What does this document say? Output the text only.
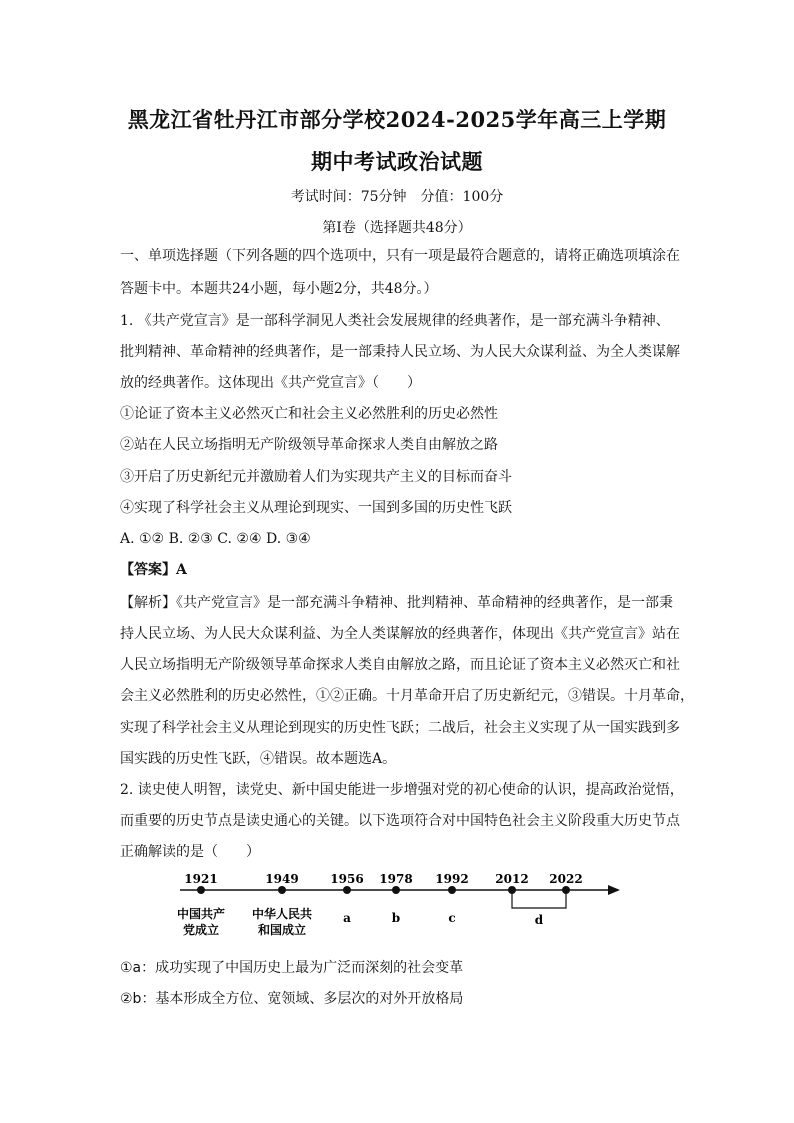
黑龙江省牡丹江市部分学校2024-2025学年高三上学期
期中考试政治试题
考试时间：75分钟　分值：100分
第Ⅰ卷（选择题共48分）
一、单项选择题（下列各题的四个选项中，只有一项是最符合题意的，请将正确选项填涂在
答题卡中。本题共24小题，每小题2分，共48分。）
1. 《共产党宣言》是一部科学洞见人类社会发展规律的经典著作，是一部充满斗争精神、
批判精神、革命精神的经典著作，是一部秉持人民立场、为人民大众谋利益、为全人类谋解
放的经典著作。这体现出《共产党宣言》（　　）
①论证了资本主义必然灭亡和社会主义必然胜利的历史必然性
②站在人民立场指明无产阶级领导革命探求人类自由解放之路
③开启了历史新纪元并激励着人们为实现共产主义的目标而奋斗
④实现了科学社会主义从理论到现实、一国到多国的历史性飞跃
A. ①② B. ②③ C. ②④ D. ③④
【答案】A
【解析】《共产党宣言》是一部充满斗争精神、批判精神、革命精神的经典著作，是一部秉
持人民立场、为人民大众谋利益、为全人类谋解放的经典著作，体现出《共产党宣言》站在
人民立场指明无产阶级领导革命探求人类自由解放之路，而且论证了资本主义必然灭亡和社
会主义必然胜利的历史必然性，①②正确。十月革命开启了历史新纪元，③错误。十月革命，
实现了科学社会主义从理论到现实的历史性飞跃；二战后，社会主义实现了从一国实践到多
国实践的历史性飞跃，④错误。故本题选A。
2. 读史使人明智，读党史、新中国史能进一步增强对党的初心使命的认识，提高政治觉悟，
而重要的历史节点是读史通心的关键。以下选项符合对中国特色社会主义阶段重大历史节点
正确解读的是（　　）
1921	1949	1956 1978 1992 2012 2022
中国共产
党成立
中华人民共
和国成立
a	b	c	d
①a：成功实现了中国历史上最为广泛而深刻的社会变革
②b：基本形成全方位、宽领域、多层次的对外开放格局
